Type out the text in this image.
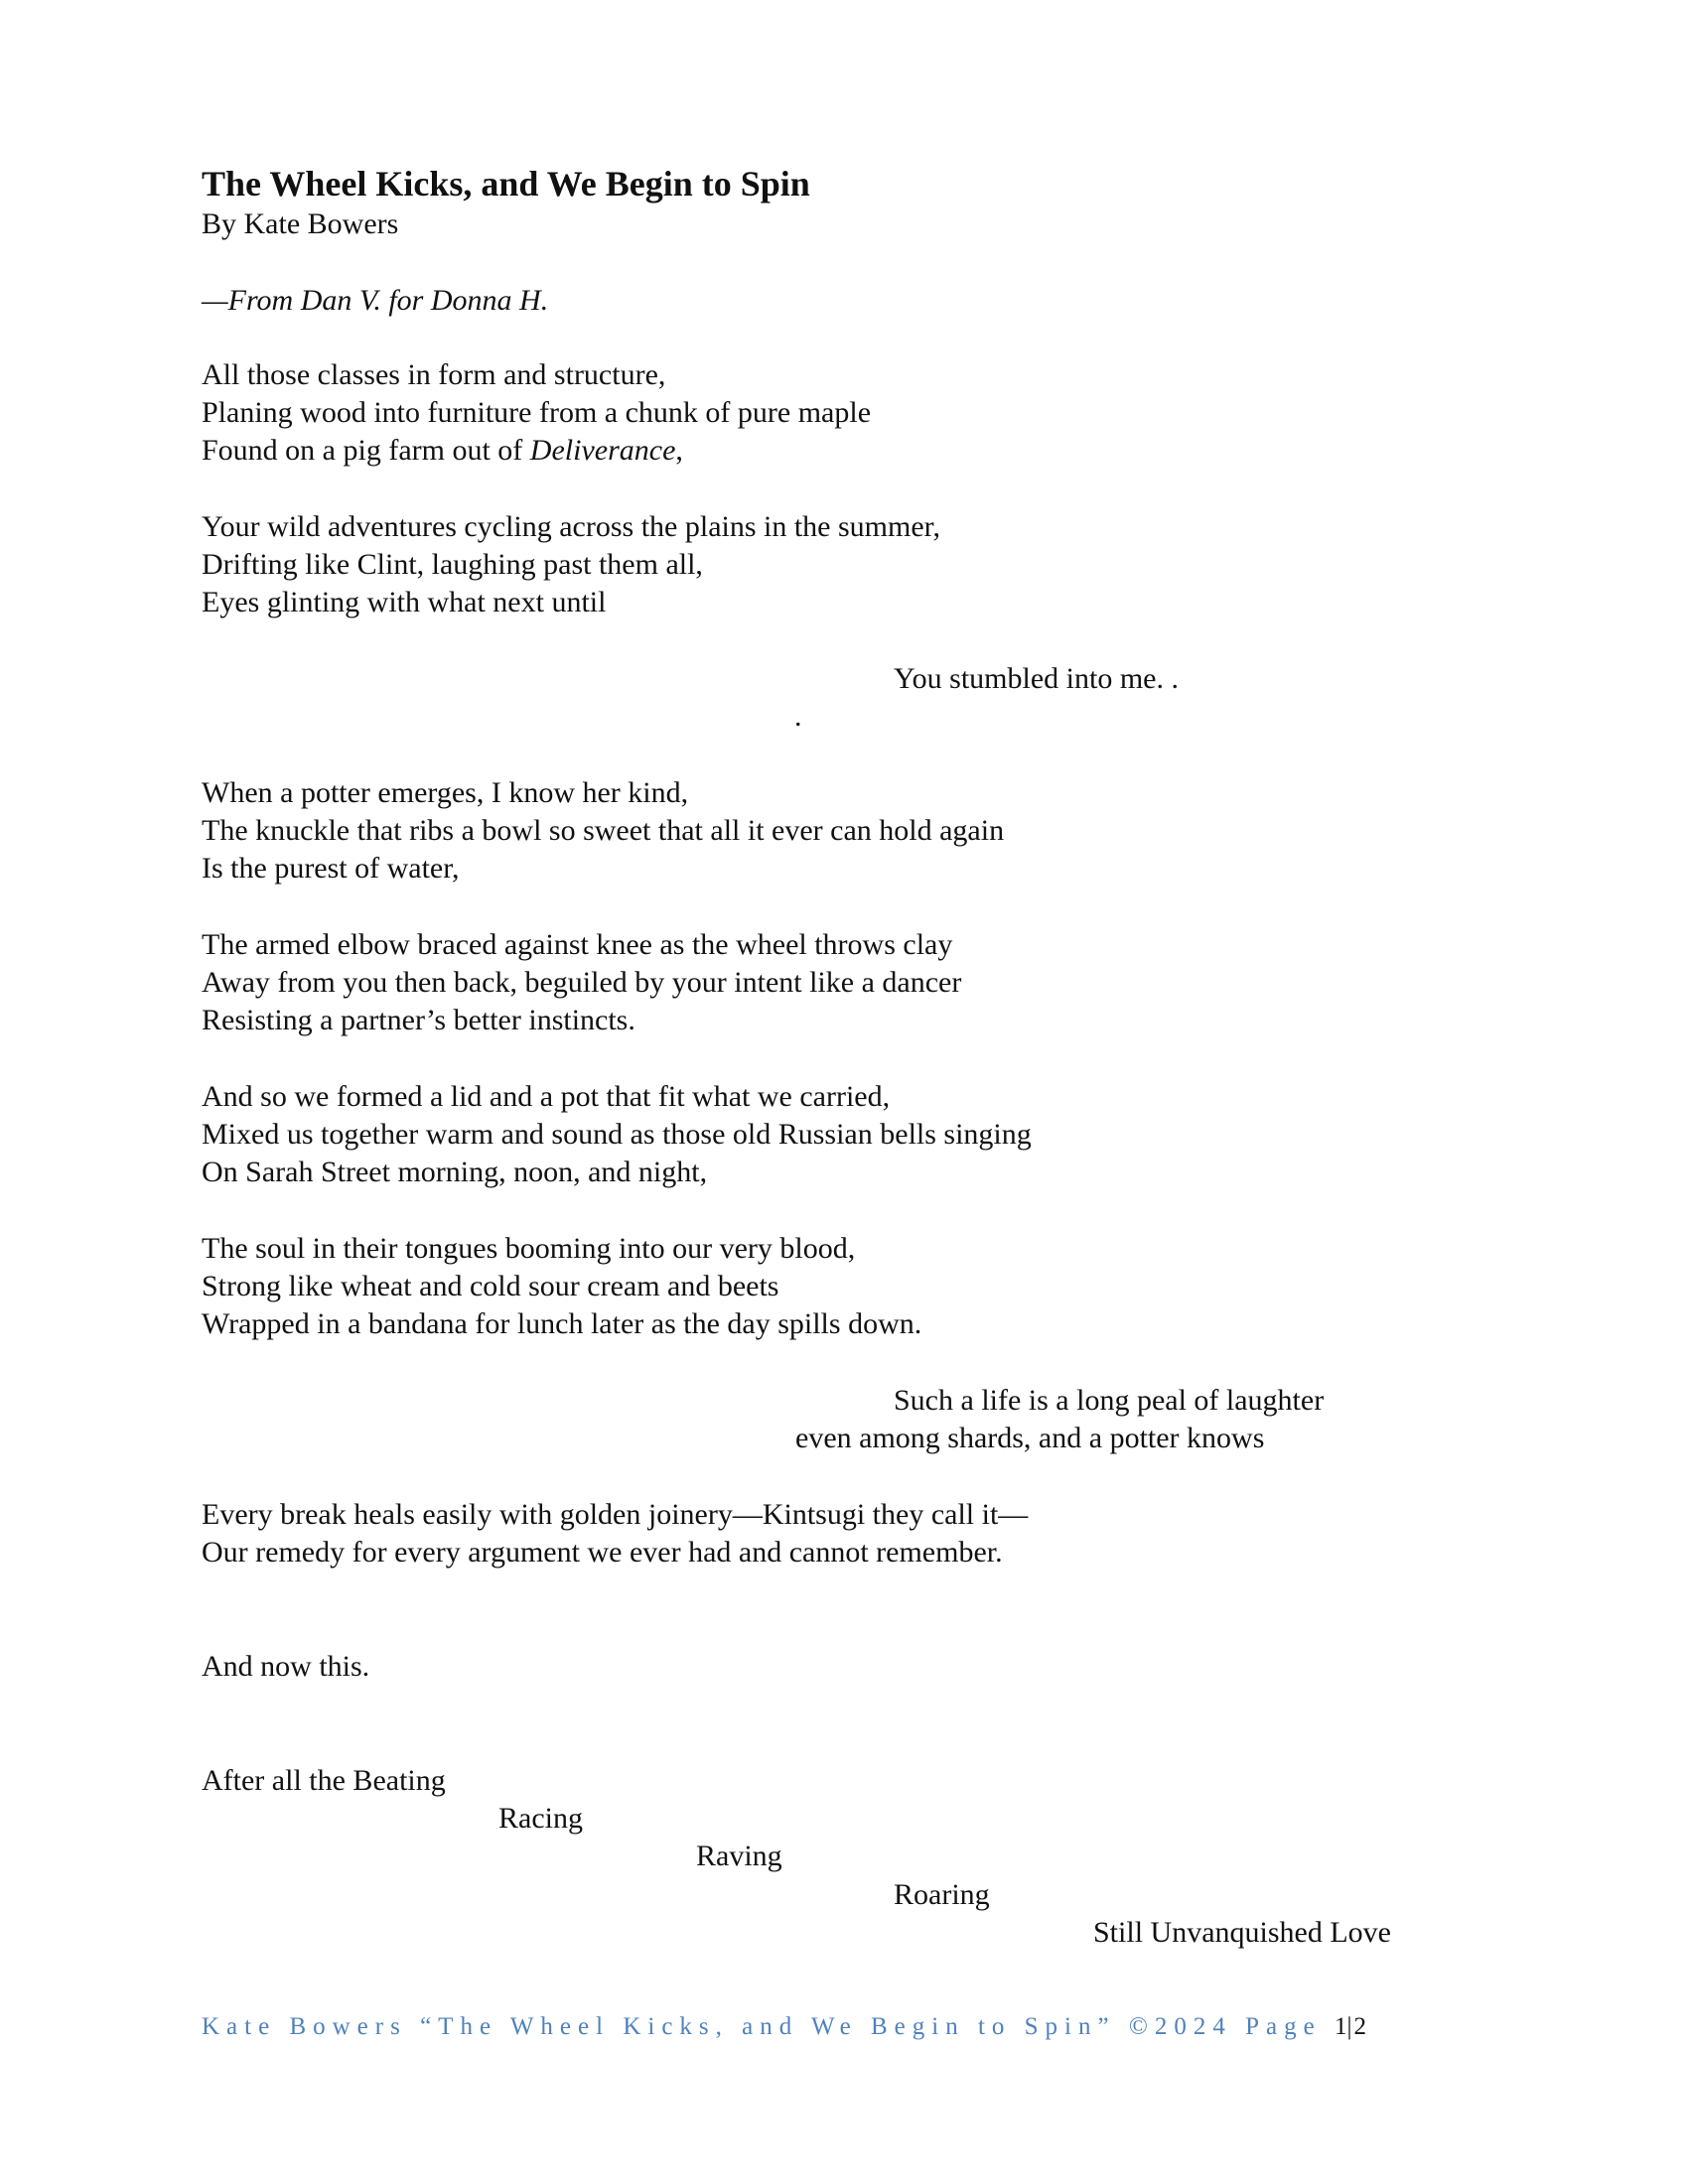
The Wheel Kicks, and We Begin to Spin
By Kate Bowers
—From Dan V. for Donna H.
All those classes in form and structure,
Planing wood into furniture from a chunk of pure maple
Found on a pig farm out of Deliverance,
Your wild adventures cycling across the plains in the summer,
Drifting like Clint, laughing past them all,
Eyes glinting with what next until
You stumbled into me. .
.
When a potter emerges, I know her kind,
The knuckle that ribs a bowl so sweet that all it ever can hold again
Is the purest of water,
The armed elbow braced against knee as the wheel throws clay
Away from you then back, beguiled by your intent like a dancer
Resisting a partner’s better instincts.
And so we formed a lid and a pot that fit what we carried,
Mixed us together warm and sound as those old Russian bells singing
On Sarah Street morning, noon, and night,
The soul in their tongues booming into our very blood,
Strong like wheat and cold sour cream and beets
Wrapped in a bandana for lunch later as the day spills down.
Such a life is a long peal of laughter
even among shards, and a potter knows
Every break heals easily with golden joinery—Kintsugi they call it—
Our remedy for every argument we ever had and cannot remember.
And now this.
After all the Beating
Racing
Raving
Roaring
Still Unvanquished Love
Kate Bowers “The Wheel Kicks, and We Begin to Spin” ©2024 Page 1|2
